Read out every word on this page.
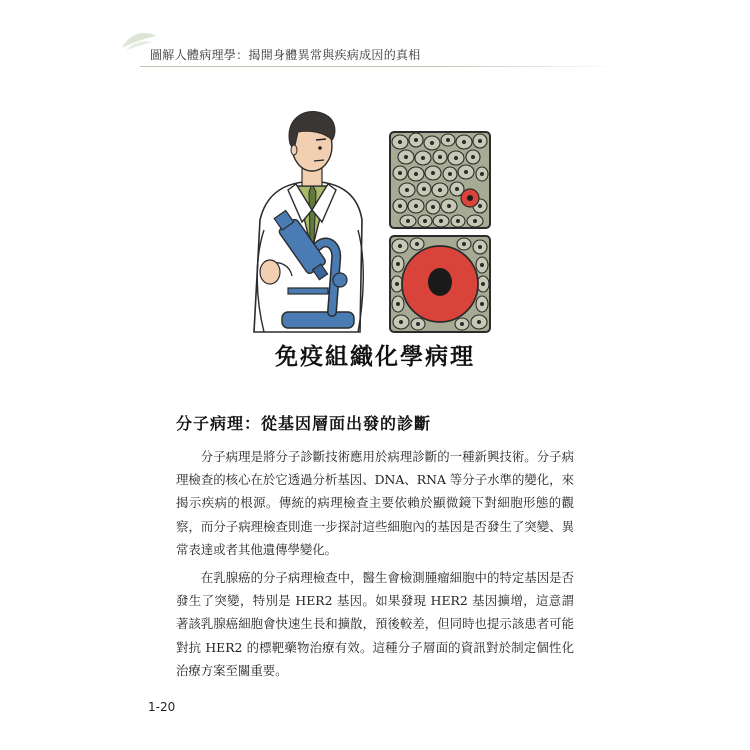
圖解人體病理學：揭開身體異常與疾病成因的真相
免疫組織化學病理
分子病理：從基因層面出發的診斷

分子病理是將分子診斷技術應用於病理診斷的一種新興技術。分子病理檢查的核心在於它透過分析基因、DNA、RNA 等分子水準的變化，來揭示疾病的根源。傳統的病理檢查主要依賴於顯微鏡下對細胞形態的觀察，而分子病理檢查則進一步探討這些細胞內的基因是否發生了突變、異常表達或者其他遺傳學變化。

在乳腺癌的分子病理檢查中，醫生會檢測腫瘤細胞中的特定基因是否發生了突變，特別是 HER2 基因。如果發現 HER2 基因擴增，這意謂著該乳腺癌細胞會快速生長和擴散，預後較差，但同時也提示該患者可能對抗 HER2 的標靶藥物治療有效。這種分子層面的資訊對於制定個性化治療方案至關重要。

1-20
